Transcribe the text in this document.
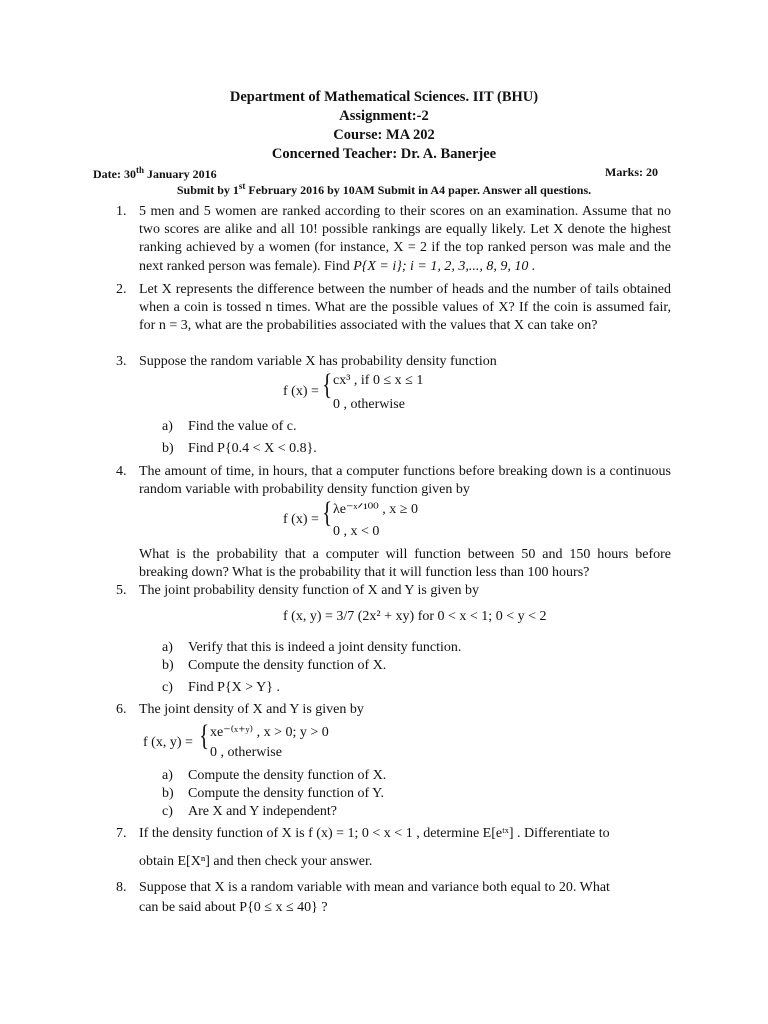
Department of Mathematical Sciences. IIT (BHU)
Assignment:-2
Course: MA 202
Concerned Teacher: Dr. A. Banerjee
Date: 30th January 2016	Marks: 20
Submit by 1st February 2016 by 10AM Submit in A4 paper. Answer all questions.
1. 5 men and 5 women are ranked according to their scores on an examination. Assume that no two scores are alike and all 10! possible rankings are equally likely. Let X denote the highest ranking achieved by a women (for instance, X = 2 if the top ranked person was male and the next ranked person was female). Find P{X = i}; i = 1, 2, 3,..., 8, 9, 10 .
2. Let X represents the difference between the number of heads and the number of tails obtained when a coin is tossed n times. What are the possible values of X? If the coin is assumed fair, for n = 3, what are the probabilities associated with the values that X can take on?
3. Suppose the random variable X has probability density function
f (x) = { cx³ , if 0 ≤ x ≤ 1
0 , otherwise
a) Find the value of c.
b) Find P{0.4 < X < 0.8}.
4. The amount of time, in hours, that a computer functions before breaking down is a continuous random variable with probability density function given by
f (x) = { λe⁻ˣᐟ¹⁰⁰ , x ≥ 0
0 , x < 0
What is the probability that a computer will function between 50 and 150 hours before breaking down? What is the probability that it will function less than 100 hours?
5. The joint probability density function of X and Y is given by
f (x, y) = 3/7 (2x² + xy) for 0 < x < 1; 0 < y < 2
a) Verify that this is indeed a joint density function.
b) Compute the density function of X.
c) Find P{X > Y} .
6. The joint density of X and Y is given by
f (x, y) = { xe⁻⁽ˣ⁺ʸ⁾ , x > 0; y > 0
0 , otherwise
a) Compute the density function of X.
b) Compute the density function of Y.
c) Are X and Y independent?
7. If the density function of X is f (x) = 1; 0 < x < 1 , determine E[eᵗˣ] . Differentiate to
obtain E[Xⁿ] and then check your answer.
8. Suppose that X is a random variable with mean and variance both equal to 20. What
can be said about P{0 ≤ x ≤ 40} ?
